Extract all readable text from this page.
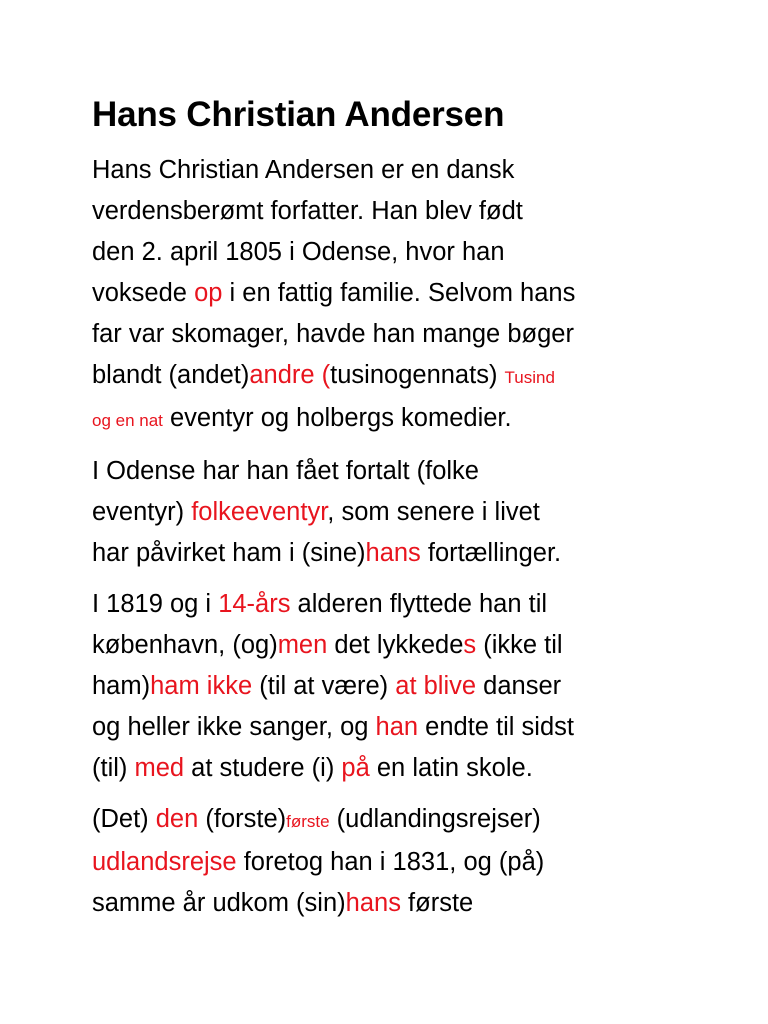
Hans Christian Andersen

Hans Christian Andersen er en dansk
verdensberømt forfatter. Han blev født
den 2. april 1805 i Odense, hvor han
voksede op i en fattig familie. Selvom hans
far var skomager, havde han mange bøger
blandt (andet)andre (tusinogennats) Tusind
og en nat eventyr og holbergs komedier.

I Odense har han fået fortalt (folke
eventyr) folkeeventyr, som senere i livet
har påvirket ham i (sine)hans fortællinger.

I 1819 og i 14-års alderen flyttede han til
københavn, (og)men det lykkedes (ikke til
ham)ham ikke (til at være) at blive danser
og heller ikke sanger, og han endte til sidst
(til) med at studere (i) på en latin skole.

(Det) den (forste)første (udlandingsrejser)
udlandsrejse foretog han i 1831, og (på)
samme år udkom (sin)hans første
